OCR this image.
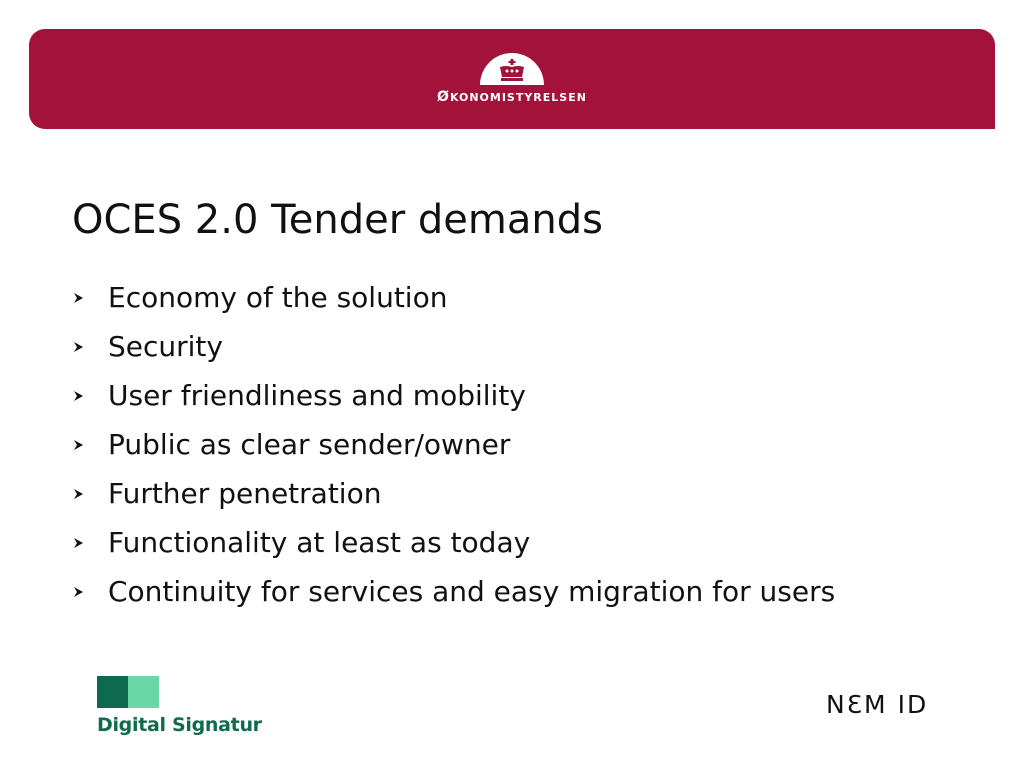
ØKONOMISTYRELSEN
OCES 2.0 Tender demands
Economy of the solution
Security
User friendliness and mobility
Public as clear sender/owner
Further penetration
Functionality at least as today
Continuity for services and easy migration for users
Digital Signatur
NƐM ID
